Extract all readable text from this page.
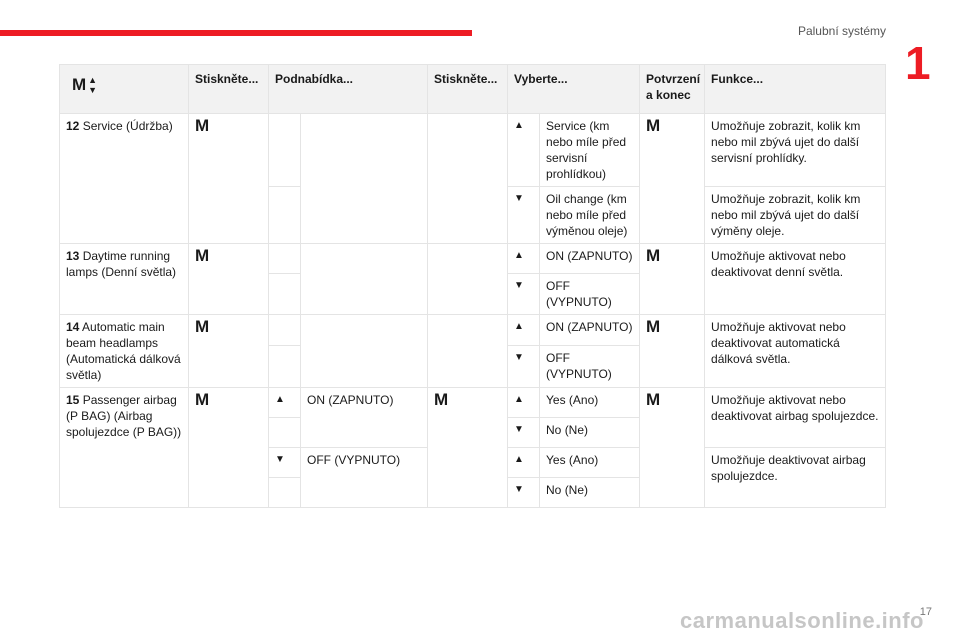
Palubní systémy
1
M ▲
▼	Stiskněte...	Podnabídka...		Stiskněte...	Vyberte...		Potvrzení a konec	Funkce...
12 Service (Údržba)	M				▲	Service (km nebo míle před servisní prohlídkou)	M	Umožňuje zobrazit, kolik km nebo mil zbývá ujet do další servisní prohlídky.
					▼	Oil change (km nebo míle před výměnou oleje)		Umožňuje zobrazit, kolik km nebo mil zbývá ujet do další výměny oleje.
13 Daytime running lamps (Denní světla)	M				▲	ON (ZAPNUTO)	M	Umožňuje aktivovat nebo deaktivovat denní světla.
					▼	OFF (VYPNUTO)		
14 Automatic main beam headlamps (Automatická dálková světla)	M				▲	ON (ZAPNUTO)	M	Umožňuje aktivovat nebo deaktivovat automatická dálková světla.
					▼	OFF (VYPNUTO)		
15 Passenger airbag (P BAG) (Airbag spolujezdce (P BAG))	M	▲	ON (ZAPNUTO)	M	▲	Yes (Ano)	M	Umožňuje aktivovat nebo deaktivovat airbag spolujezdce.
					▼	No (Ne)		
		▼	OFF (VYPNUTO)		▲	Yes (Ano)		Umožňuje deaktivovat airbag spolujezdce.
					▼	No (Ne)		
carmanualsonline.info
17
